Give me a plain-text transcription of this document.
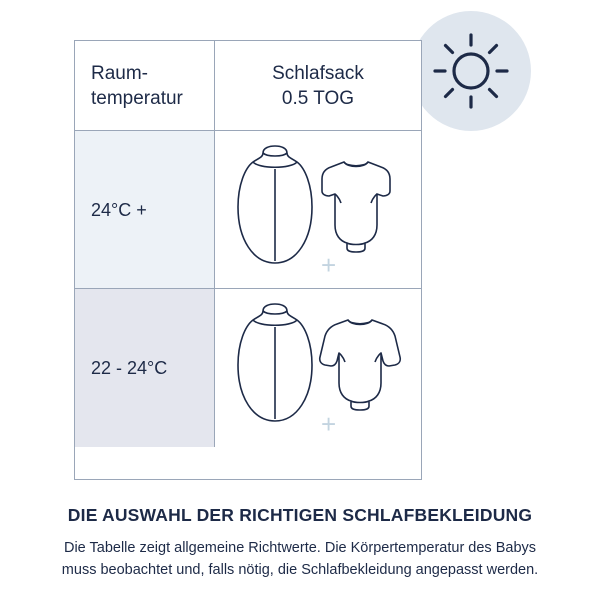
Raum-
temperatur
Schlafsack
0.5 TOG
24°C +
+
22 - 24°C
+
DIE AUSWAHL DER RICHTIGEN SCHLAFBEKLEIDUNG
Die Tabelle zeigt allgemeine Richtwerte. Die Körpertemperatur des Babys
muss beobachtet und, falls nötig, die Schlafbekleidung angepasst werden.
